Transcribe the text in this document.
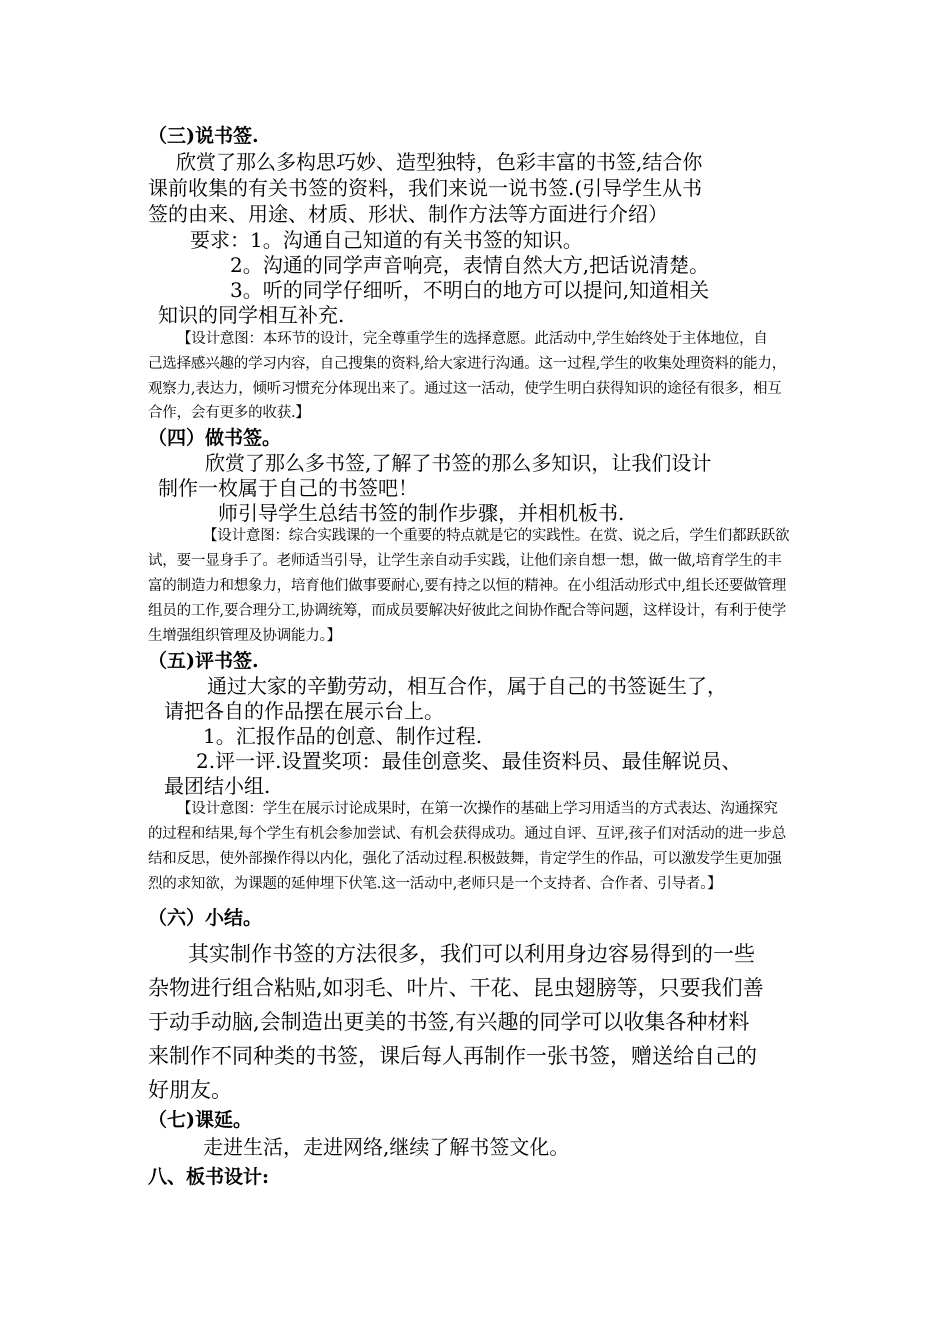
（三)说书签.
欣赏了那么多构思巧妙、造型独特，色彩丰富的书签,结合你
课前收集的有关书签的资料，我们来说一说书签.(引导学生从书
签的由来、用途、材质、形状、制作方法等方面进行介绍）
要求：1。沟通自己知道的有关书签的知识。
2。沟通的同学声音响亮，表情自然大方,把话说清楚。
3。听的同学仔细听，不明白的地方可以提问,知道相关
知识的同学相互补充.
【设计意图：本环节的设计，完全尊重学生的选择意愿。此活动中,学生始终处于主体地位，自
己选择感兴趣的学习内容，自己搜集的资料,给大家进行沟通。这一过程,学生的收集处理资料的能力，
观察力,表达力，倾听习惯充分体现出来了。通过这一活动，使学生明白获得知识的途径有很多，相互
合作，会有更多的收获.】
（四）做书签。
欣赏了那么多书签,了解了书签的那么多知识，让我们设计
制作一枚属于自己的书签吧！
师引导学生总结书签的制作步骤，并相机板书.
【设计意图：综合实践课的一个重要的特点就是它的实践性。在赏、说之后，学生们都跃跃欲
试，要一显身手了。老师适当引导，让学生亲自动手实践，让他们亲自想一想，做一做,培育学生的丰
富的制造力和想象力，培育他们做事要耐心,要有持之以恒的精神。在小组活动形式中,组长还要做管理
组员的工作,要合理分工,协调统筹，而成员要解决好彼此之间协作配合等问题，这样设计，有利于使学
生增强组织管理及协调能力。】
（五)评书签.
通过大家的辛勤劳动，相互合作，属于自己的书签诞生了，
请把各自的作品摆在展示台上。
1。汇报作品的创意、制作过程.
2.评一评.设置奖项：最佳创意奖、最佳资料员、最佳解说员、
最团结小组.
【设计意图：学生在展示讨论成果时，在第一次操作的基础上学习用适当的方式表达、沟通探究
的过程和结果,每个学生有机会参加尝试、有机会获得成功。通过自评、互评,孩子们对活动的进一步总
结和反思，使外部操作得以内化，强化了活动过程.积极鼓舞，肯定学生的作品，可以激发学生更加强
烈的求知欲，为课题的延伸埋下伏笔.这一活动中,老师只是一个支持者、合作者、引导者。】
（六）小结。
其实制作书签的方法很多，我们可以利用身边容易得到的一些
杂物进行组合粘贴,如羽毛、叶片、干花、昆虫翅膀等，只要我们善
于动手动脑,会制造出更美的书签,有兴趣的同学可以收集各种材料
来制作不同种类的书签，课后每人再制作一张书签，赠送给自己的
好朋友。
（七)课延。
走进生活，走进网络,继续了解书签文化。
八、板书设计:
